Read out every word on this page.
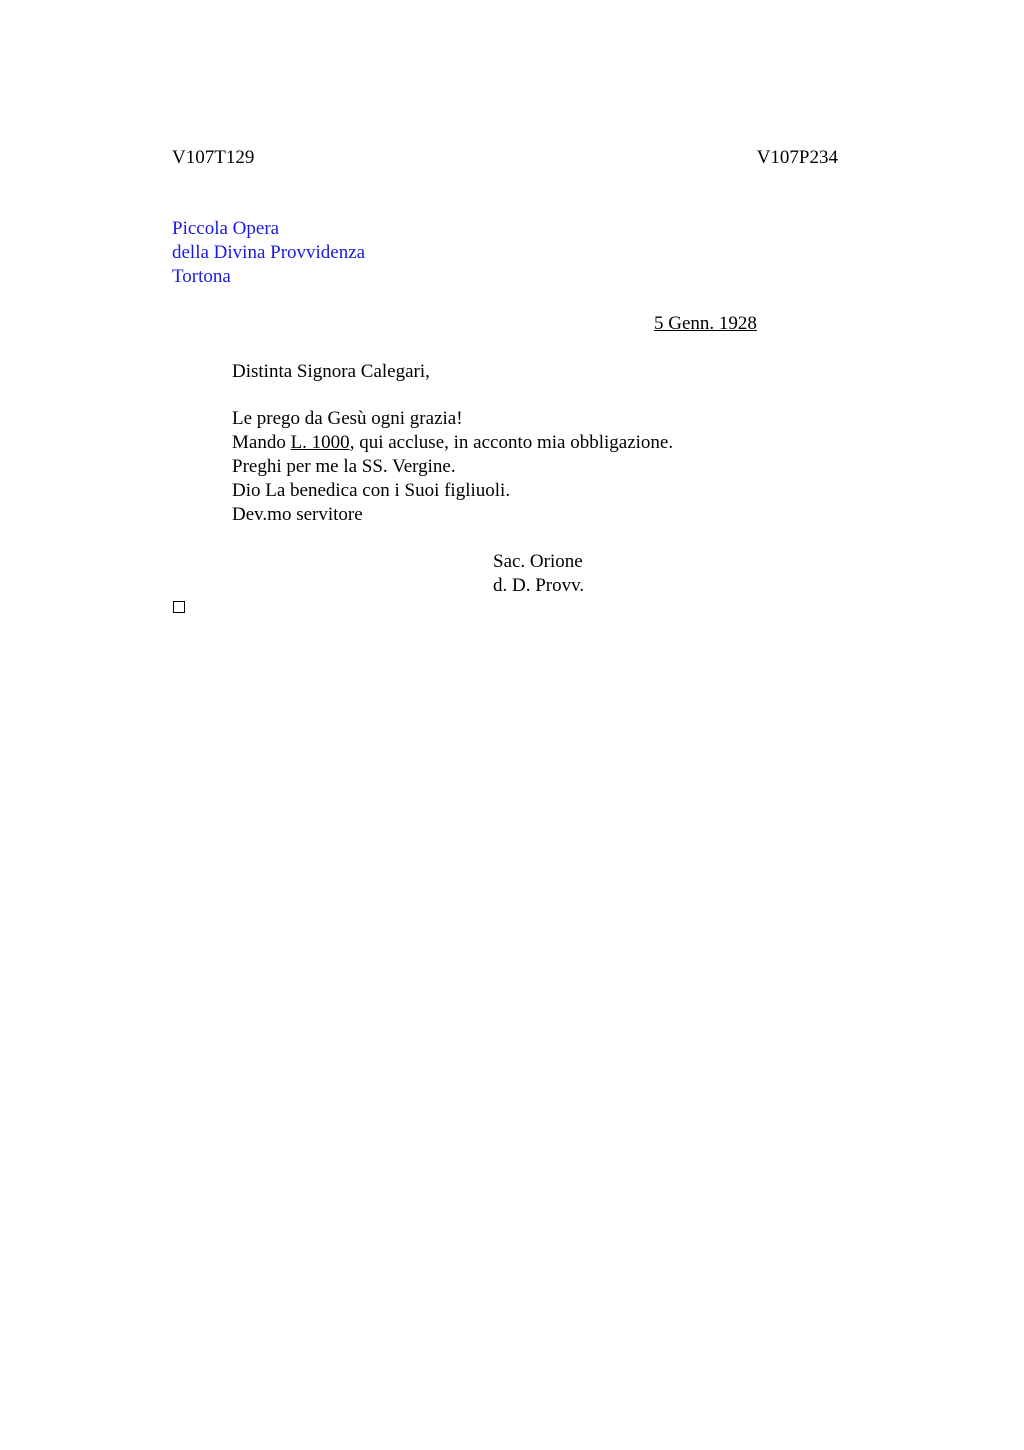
V107T129	V107P234
Piccola Opera
della Divina Provvidenza
Tortona
5 Genn. 1928
Distinta Signora Calegari,
Le prego da Gesù ogni grazia!
Mando L. 1000, qui accluse, in acconto mia obbligazione.
Preghi per me la SS. Vergine.
Dio La benedica con i Suoi figliuoli.
Dev.mo servitore
Sac. Orione
d. D. Provv.
